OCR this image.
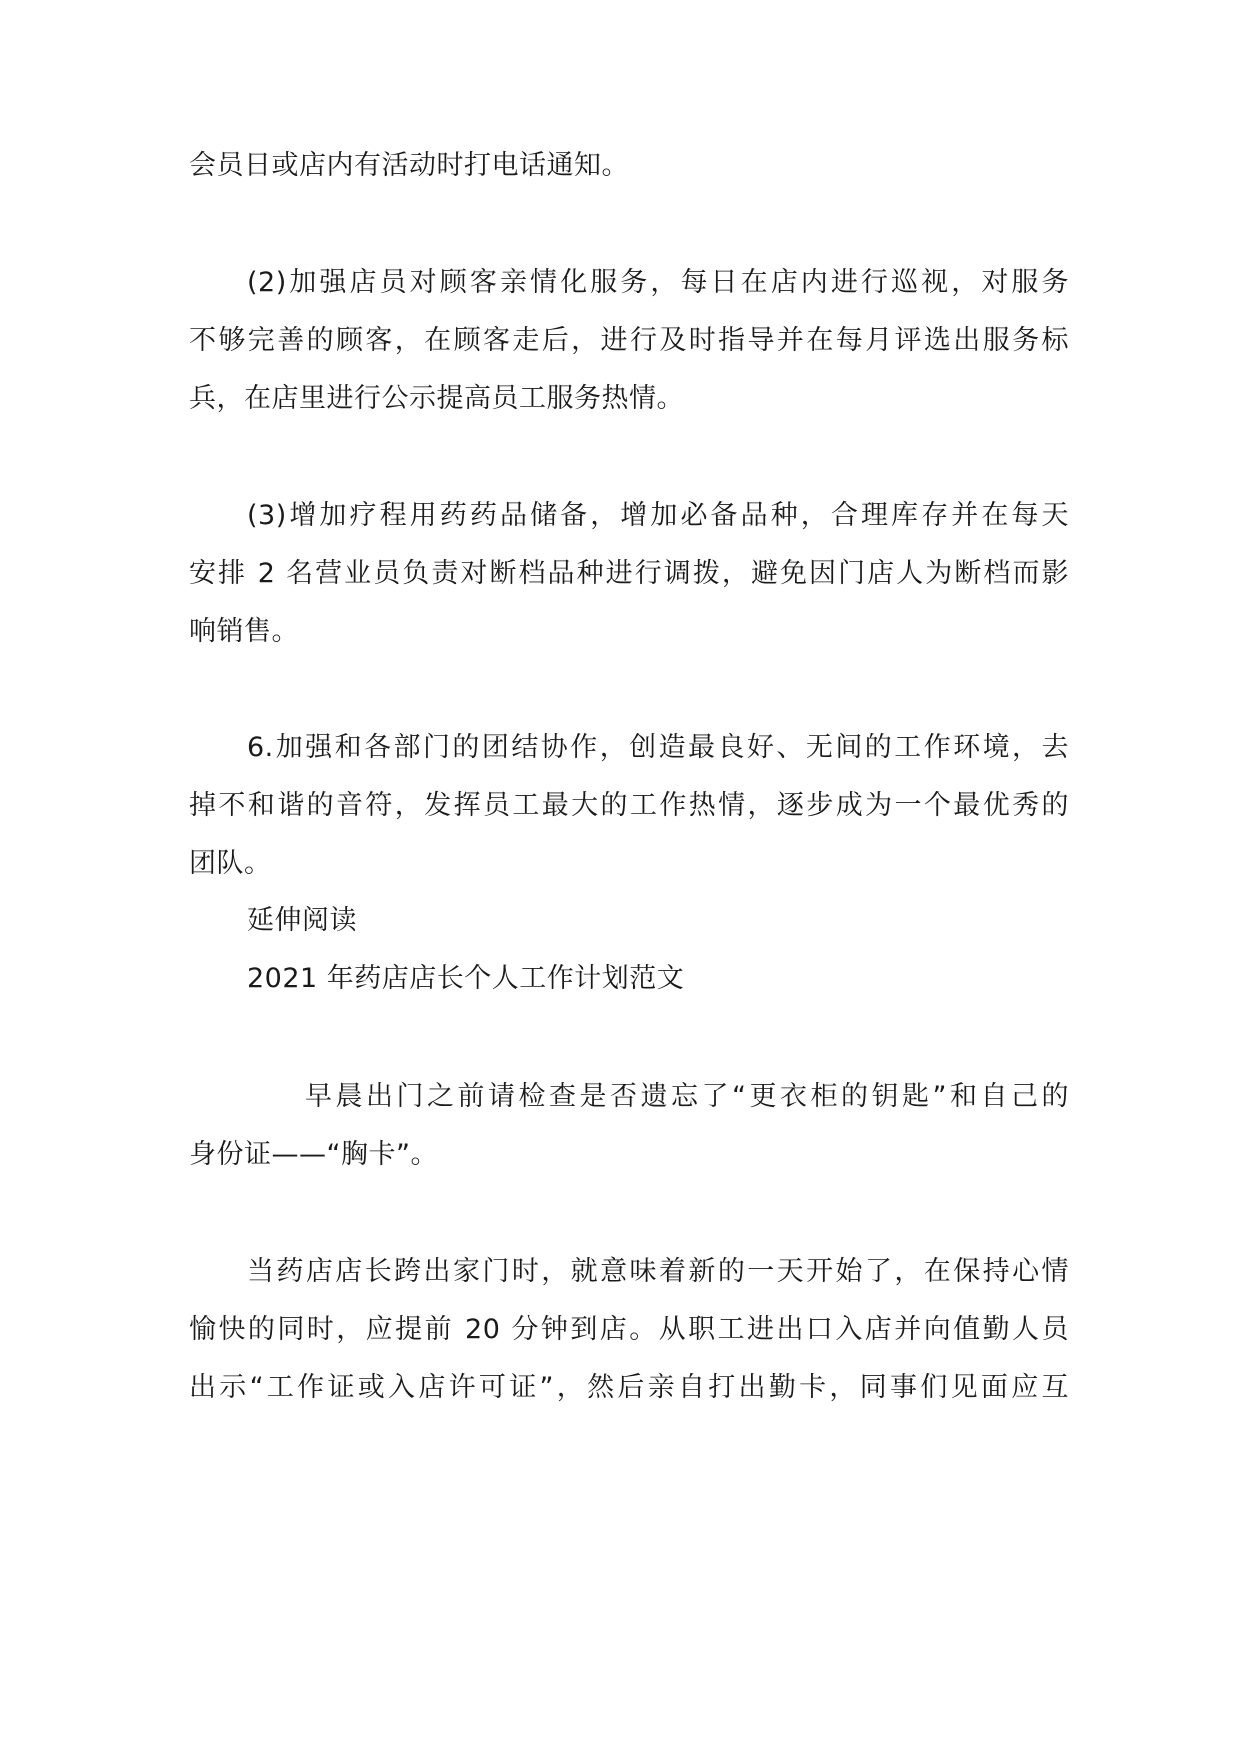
会员日或店内有活动时打电话通知。
(2)加强店员对顾客亲情化服务，每日在店内进行巡视，对服务
不够完善的顾客，在顾客走后，进行及时指导并在每月评选出服务标
兵，在店里进行公示提高员工服务热情。
(3)增加疗程用药药品储备，增加必备品种，合理库存并在每天
安排 2 名营业员负责对断档品种进行调拨，避免因门店人为断档而影
响销售。
6.加强和各部门的团结协作，创造最良好、无间的工作环境，去
掉不和谐的音符，发挥员工最大的工作热情，逐步成为一个最优秀的
团队。
延伸阅读
2021 年药店店长个人工作计划范文
早晨出门之前请检查是否遗忘了“更衣柜的钥匙”和自己的
身份证——“胸卡”。
当药店店长跨出家门时，就意味着新的一天开始了，在保持心情
愉快的同时，应提前 20 分钟到店。从职工进出口入店并向值勤人员
出示“工作证或入店许可证”，然后亲自打出勤卡，同事们见面应互
